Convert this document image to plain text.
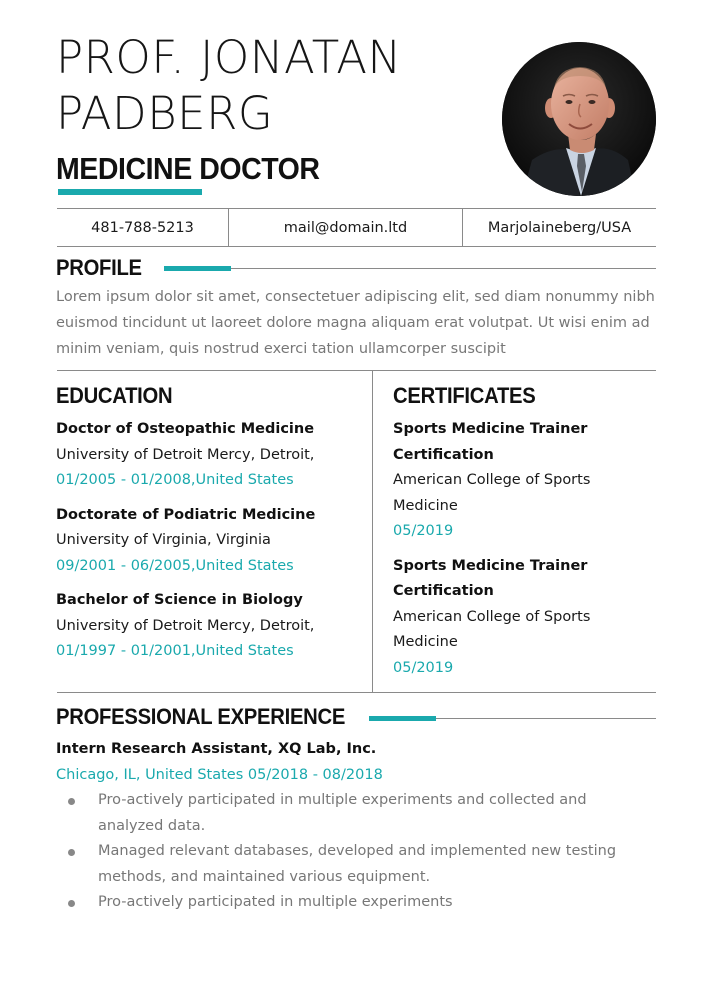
PROF. JONATAN PADBERG
MEDICINE DOCTOR
481-788-5213	mail@domain.ltd	Marjolaineberg/USA
PROFILE

Lorem ipsum dolor sit amet, consectetuer adipiscing elit, sed diam nonummy nibh euismod tincidunt ut laoreet dolore magna aliquam erat volutpat. Ut wisi enim ad minim veniam, quis nostrud exerci tation ullamcorper suscipit

EDUCATION
Doctor of Osteopathic Medicine
University of Detroit Mercy, Detroit,
01/2005 - 01/2008,United States
Doctorate of Podiatric Medicine
University of Virginia, Virginia
09/2001 - 06/2005,United States
Bachelor of Science in Biology
University of Detroit Mercy, Detroit,
01/1997 - 01/2001,United States
CERTIFICATES
Sports Medicine Trainer Certification
American College of Sports Medicine
05/2019
Sports Medicine Trainer Certification
American College of Sports Medicine
05/2019
PROFESSIONAL EXPERIENCE
Intern Research Assistant, XQ Lab, Inc.
Chicago, IL, United States 05/2018 - 08/2018
Pro-actively participated in multiple experiments and collected and analyzed data.
Managed relevant databases, developed and implemented new testing methods, and maintained various equipment.
Pro-actively participated in multiple experiments
